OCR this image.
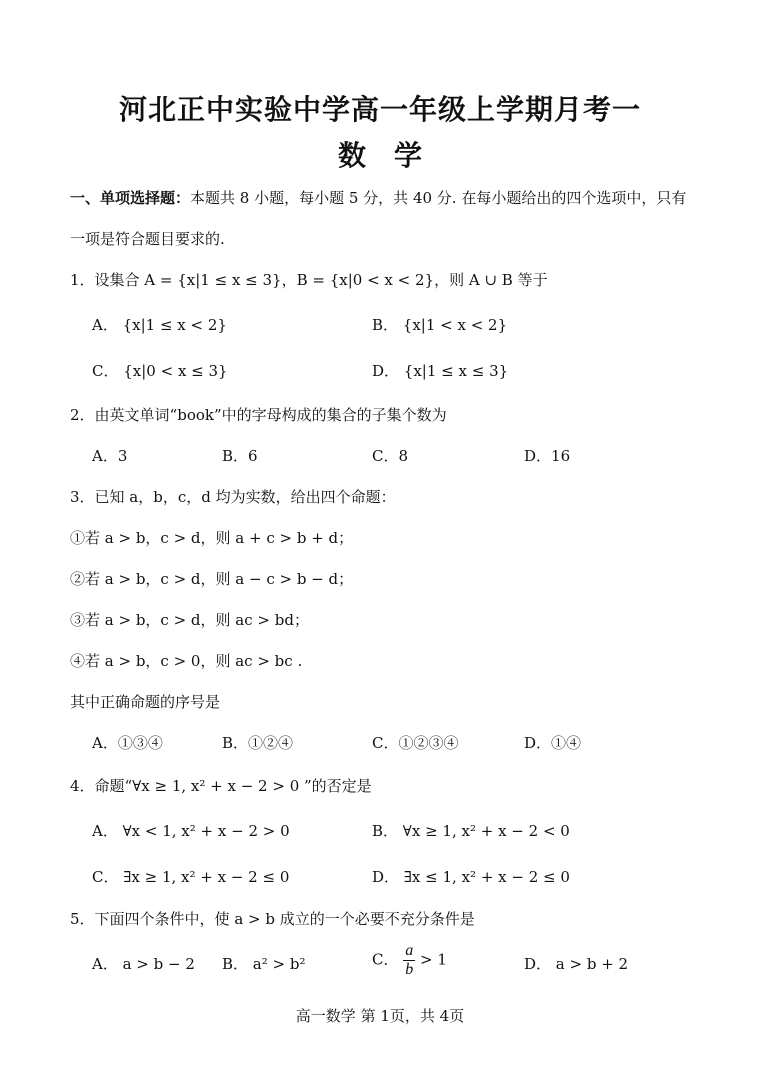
河北正中实验中学高一年级上学期月考一
数学
一、单项选择题：本题共 8 小题，每小题 5 分，共 40 分. 在每小题给出的四个选项中，只有
一项是符合题目要求的.
1．设集合 A = {x|1 ≤ x ≤ 3}，B = {x|0 < x < 2}，则 A ∪ B 等于
A． {x|1 ≤ x < 2}	B． {x|1 < x < 2}
C． {x|0 < x ≤ 3}	D． {x|1 ≤ x ≤ 3}
2．由英文单词“book”中的字母构成的集合的子集个数为
A．3	B．6	C．8	D．16
3．已知 a，b，c，d 均为实数，给出四个命题：
①若 a > b，c > d，则 a + c > b + d；
②若 a > b，c > d，则 a − c > b − d；
③若 a > b，c > d，则 ac > bd；
④若 a > b，c > 0，则 ac > bc .
其中正确命题的序号是
A．①③④	B．①②④	C．①②③④	D．①④
4．命题“∀x ≥ 1, x² + x − 2 > 0 ”的否定是
A． ∀x < 1, x² + x − 2 > 0	B． ∀x ≥ 1, x² + x − 2 < 0
C． ∃x ≥ 1, x² + x − 2 ≤ 0	D． ∃x ≤ 1, x² + x − 2 ≤ 0
5．下面四个条件中，使 a > b 成立的一个必要不充分条件是
A． a > b − 2 B． a² > b²	C． $\frac{a}{b} > 1$	D． a > b + 2
高一数学 第 1页，共 4页
